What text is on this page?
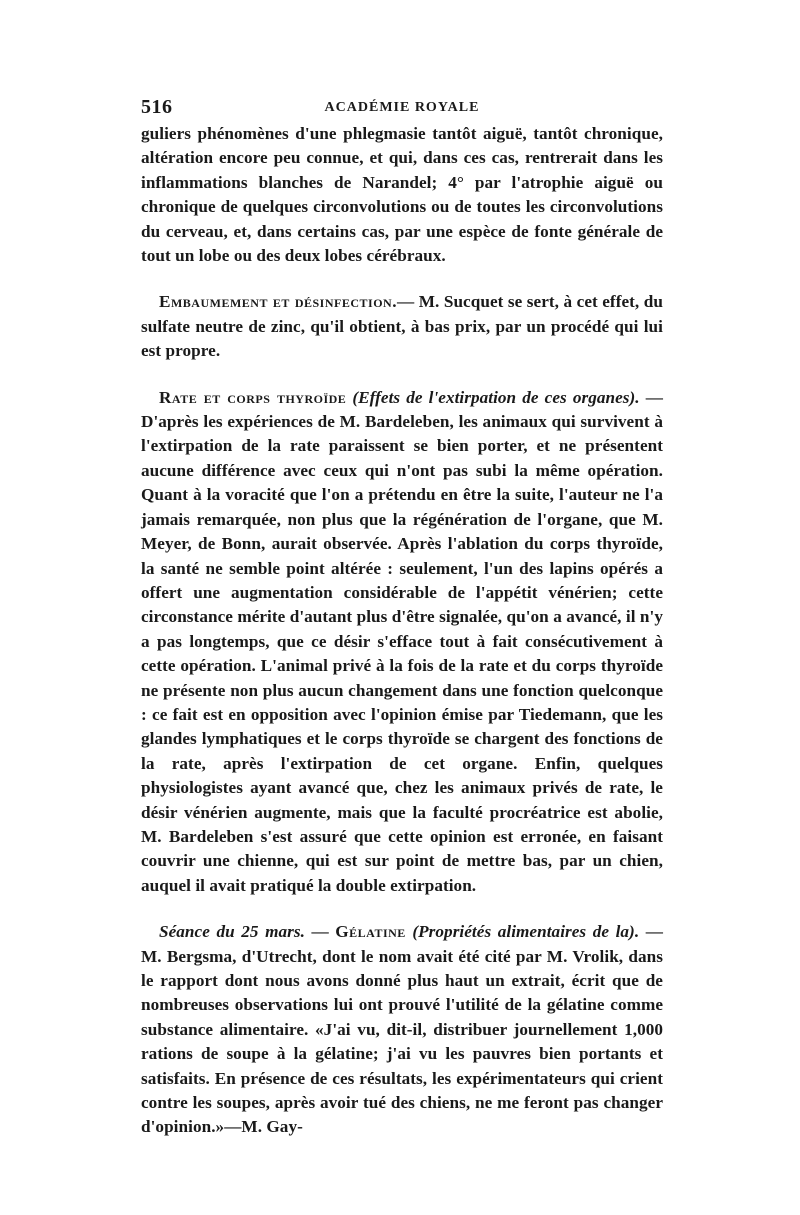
516	ACADÉMIE ROYALE

guliers phénomènes d'une phlegmasie tantôt aiguë, tantôt chronique, altération encore peu connue, et qui, dans ces cas, rentrerait dans les inflammations blanches de Narandel; 4° par l'atrophie aiguë ou chronique de quelques circonvolutions ou de toutes les circonvolutions du cerveau, et, dans certains cas, par une espèce de fonte générale de tout un lobe ou des deux lobes cérébraux.

Embaumement et désinfection.— M. Sucquet se sert, à cet effet, du sulfate neutre de zinc, qu'il obtient, à bas prix, par un procédé qui lui est propre.

Rate et corps thyroïde (Effets de l'extirpation de ces organes). — D'après les expériences de M. Bardeleben, les animaux qui survivent à l'extirpation de la rate paraissent se bien porter, et ne présentent aucune différence avec ceux qui n'ont pas subi la même opération. Quant à la voracité que l'on a prétendu en être la suite, l'auteur ne l'a jamais remarquée, non plus que la régénération de l'organe, que M. Meyer, de Bonn, aurait observée. Après l'ablation du corps thyroïde, la santé ne semble point altérée : seulement, l'un des lapins opérés a offert une augmentation considérable de l'appétit vénérien; cette circonstance mérite d'autant plus d'être signalée, qu'on a avancé, il n'y a pas longtemps, que ce désir s'efface tout à fait consécutivement à cette opération. L'animal privé à la fois de la rate et du corps thyroïde ne présente non plus aucun changement dans une fonction quelconque : ce fait est en opposition avec l'opinion émise par Tiedemann, que les glandes lymphatiques et le corps thyroïde se chargent des fonctions de la rate, après l'extirpation de cet organe. Enfin, quelques physiologistes ayant avancé que, chez les animaux privés de rate, le désir vénérien augmente, mais que la faculté procréatrice est abolie, M. Bardeleben s'est assuré que cette opinion est erronée, en faisant couvrir une chienne, qui est sur point de mettre bas, par un chien, auquel il avait pratiqué la double extirpation.

Séance du 25 mars. — Gélatine (Propriétés alimentaires de la). — M. Bergsma, d'Utrecht, dont le nom avait été cité par M. Vrolik, dans le rapport dont nous avons donné plus haut un extrait, écrit que de nombreuses observations lui ont prouvé l'utilité de la gélatine comme substance alimentaire. «J'ai vu, dit-il, distribuer journellement 1,000 rations de soupe à la gélatine; j'ai vu les pauvres bien portants et satisfaits. En présence de ces résultats, les expérimentateurs qui crient contre les soupes, après avoir tué des chiens, ne me feront pas changer d'opinion.»—M. Gay-
